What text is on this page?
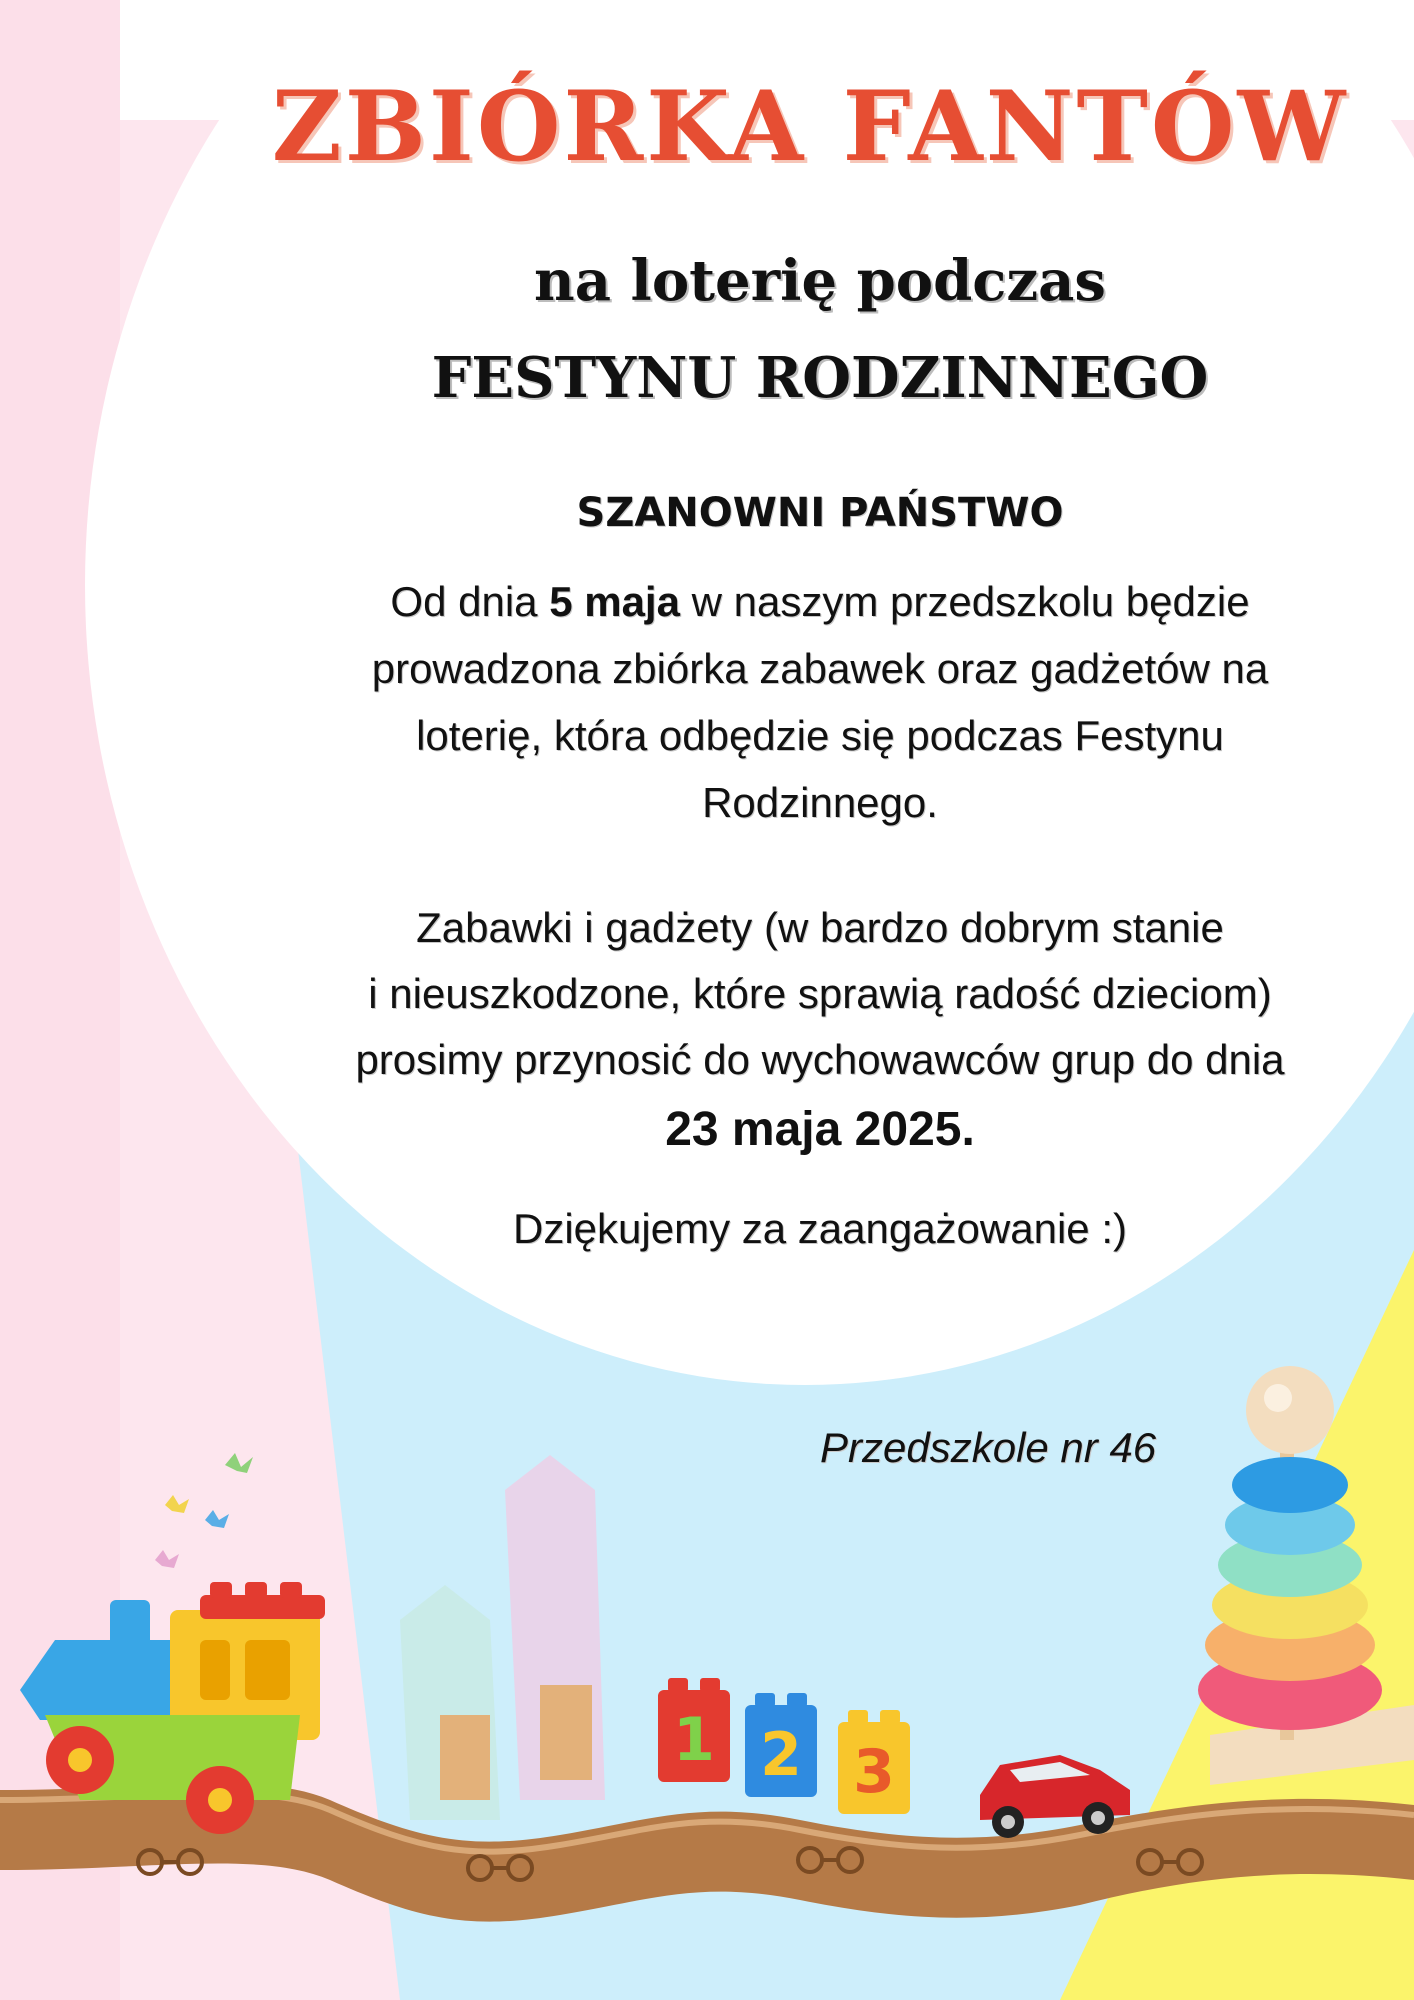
1 2 3
ZBIÓRKA FANTÓW
na loterię podczas
FESTYNU RODZINNEGO
SZANOWNI PAŃSTWO
Od dnia 5 maja w naszym przedszkolu będzie
prowadzona zbiórka zabawek oraz gadżetów na
loterię, która odbędzie się podczas Festynu
Rodzinnego.
Zabawki i gadżety (w bardzo dobrym stanie
i nieuszkodzone, które sprawią radość dzieciom)
prosimy przynosić do wychowawców grup do dnia
23 maja 2025.
Dziękujemy za zaangażowanie :)
Przedszkole nr 46
